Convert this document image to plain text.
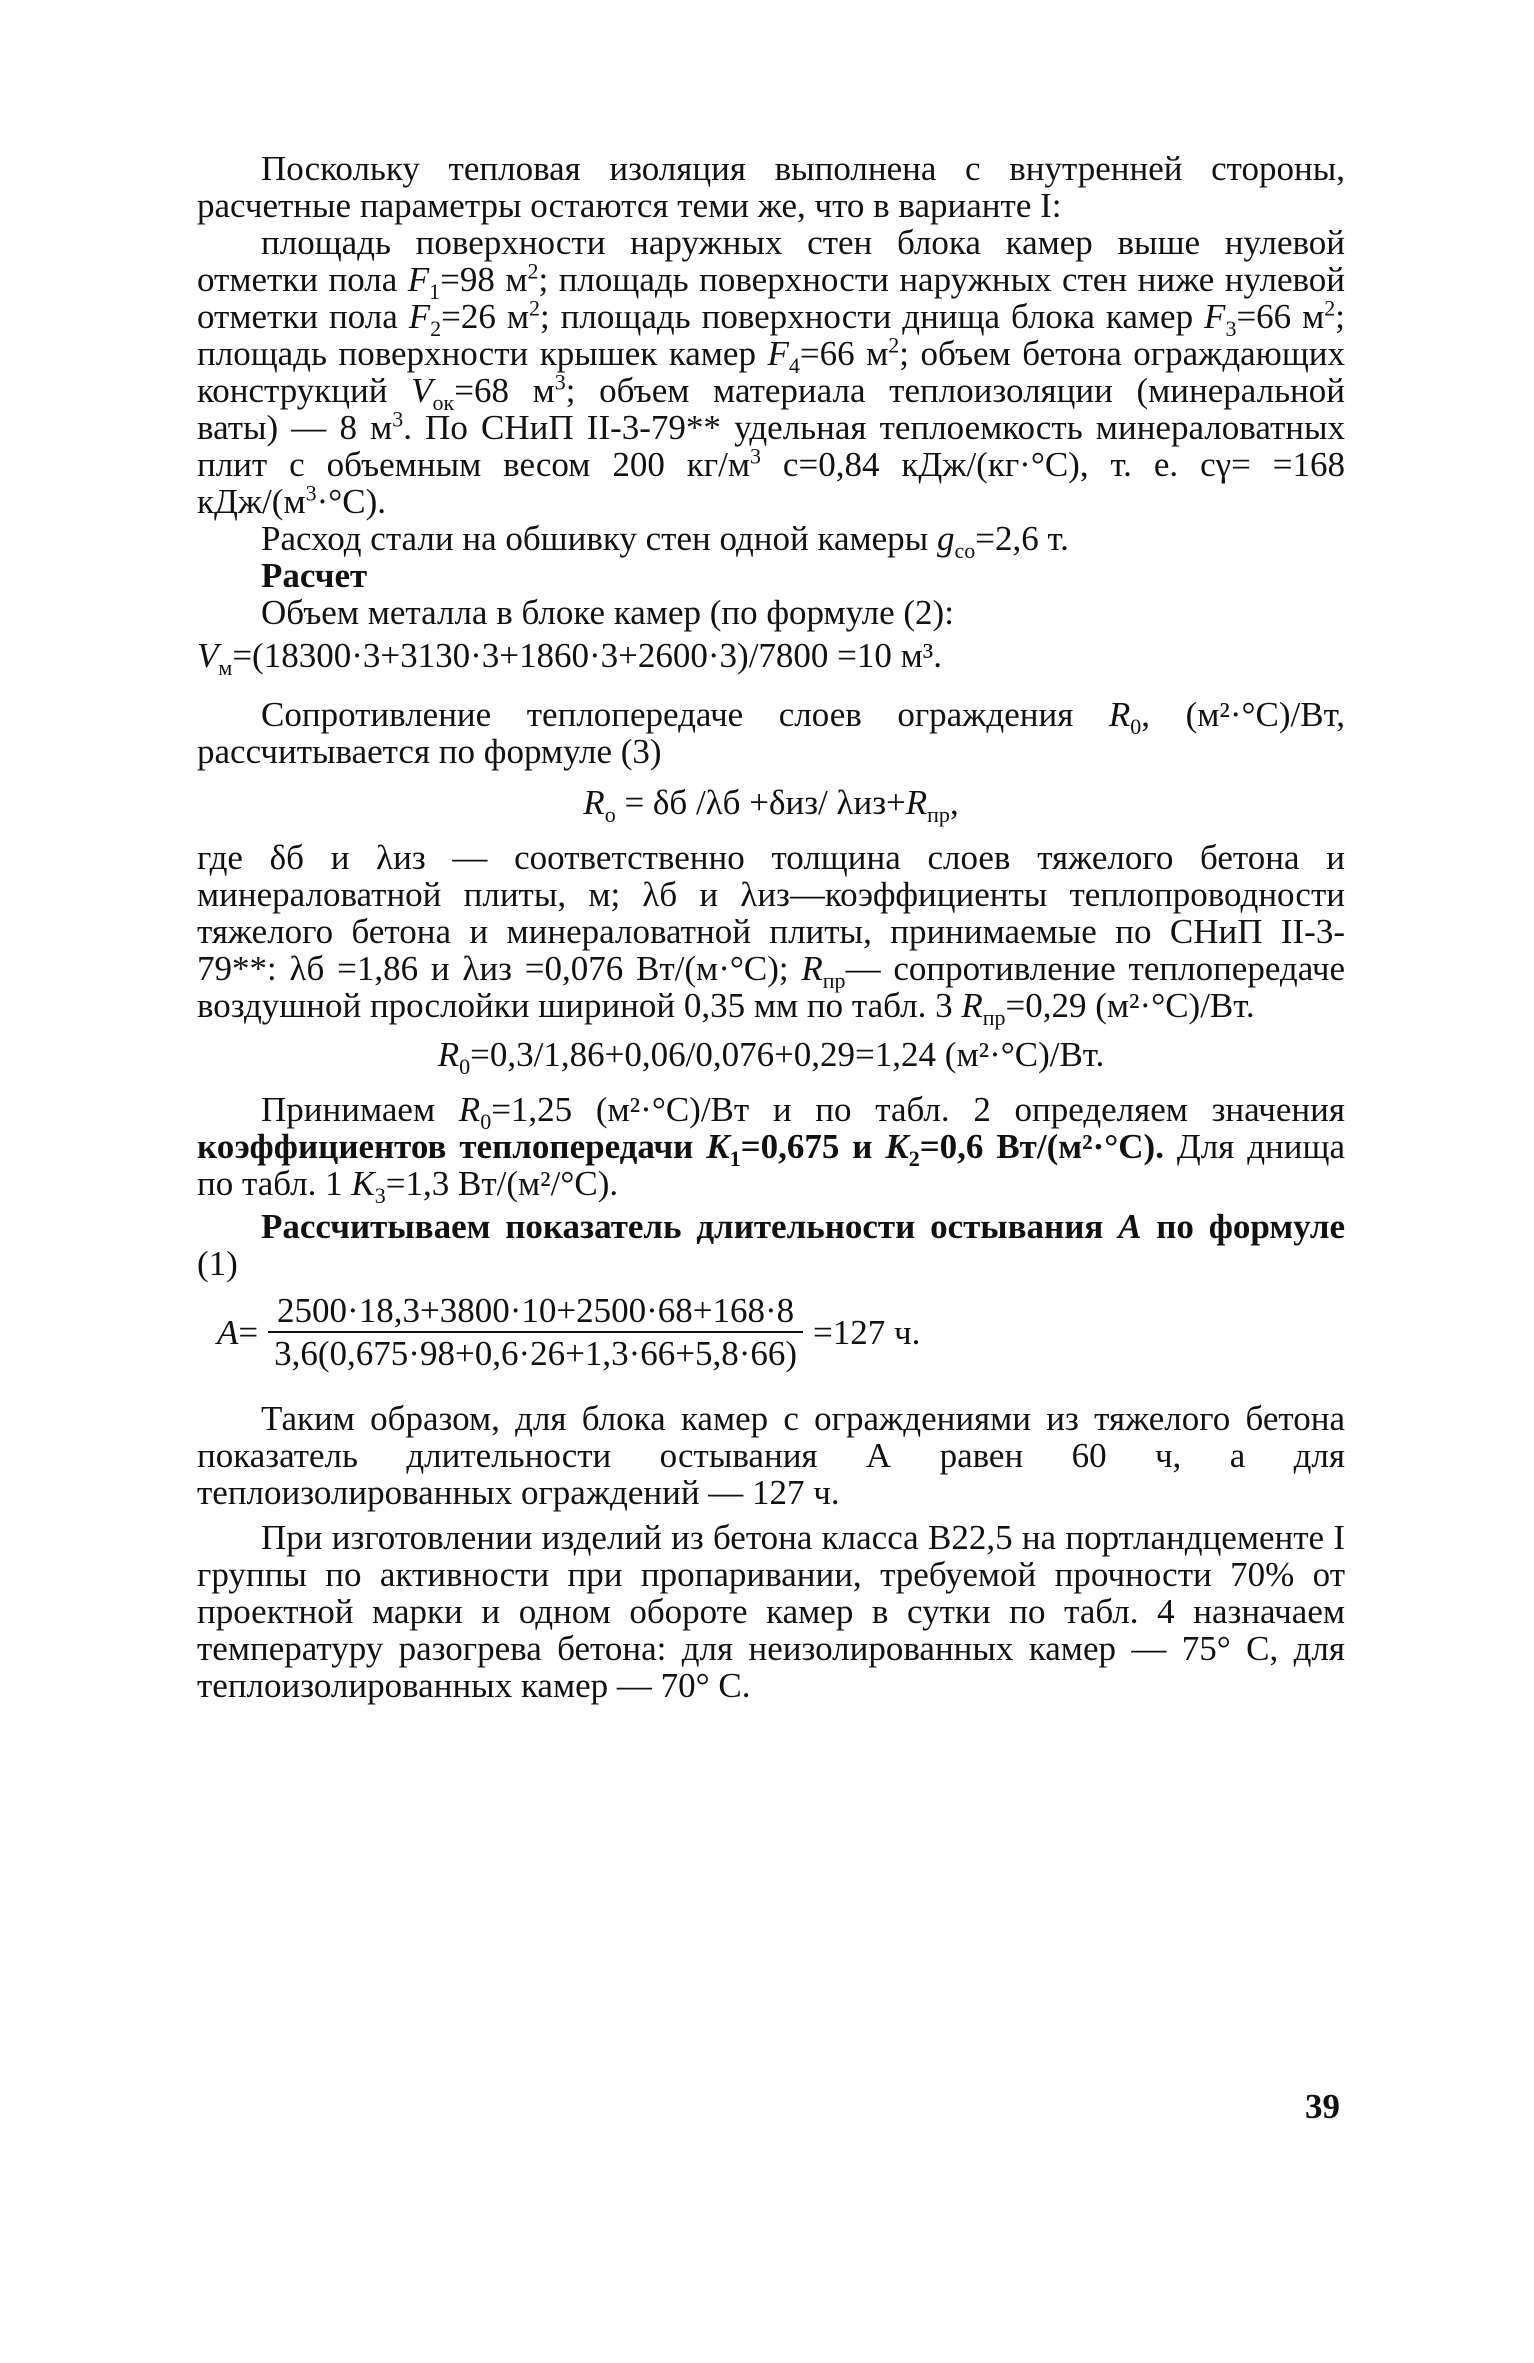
Поскольку тепловая изоляция выполнена с внутренней стороны, расчетные параметры остаются теми же, что в варианте I:

площадь поверхности наружных стен блока камер выше нулевой отметки пола $F_1=98$ $м^2$; площадь поверхности наружных стен ниже нулевой отметки пола $F_2=26$ $м^2$; площадь поверхности днища блока камер $F_3=66$ $м^2$; площадь поверхности крышек камер $F_4=66$ $м^2$; объем бетона ограждающих конструкций $V_{ок}=68$ $м^3$; объем материала теплоизоляции (минеральной ваты) — 8 $м^3$. По СНиП II-3-79** удельная теплоемкость минераловатных плит с объемным весом 200 $кг/м^3$ с=0,84 кДж/(кг·°С), т. е. сγ= =168 кДж/$(м^3\cdot^\circ С)$.

Расход стали на обшивку стен одной камеры $g_{со}=2,6$ т.

Расчет

Объем металла в блоке камер (по формуле (2):

$V_м=(18300\cdot 3+3130\cdot 3+1860\cdot 3+2600\cdot 3)/7800 =10$ м³.

Сопротивление теплопередаче слоев ограждения $R_0$, (м²·°С)/Вт, рассчитывается по формуле (3)

$R_о = \delta б$ /λб +δиз/ $\lambda из+R_{пр}$,

где δб и λиз — соответственно толщина слоев тяжелого бетона и минераловатной плиты, м; λб и λиз—коэффициенты теплопроводности тяжелого бетона и минераловатной плиты, принимаемые по СНиП II-3-79**: λб =1,86 и λиз =0,076 Вт/(м·°С); $R_{пр}—$ сопротивление теплопередаче воздушной прослойки шириной 0,35 мм по табл. 3 $R_{пр}=0,29$ (м²·°С)/Вт.

$R_0=0,3/1,86+0,06/0,076+0,29=1,24$ (м²·°С)/Вт.

Принимаем $R_0=1,25$ (м²·°С)/Вт и по табл. 2 определяем значения коэффициентов теплопередачи $K_1=0,675$ и $K_2=0,6$ Вт/(м²·°С). Для днища по табл. 1 $K_3=1,3$ Вт/(м²/°С).

Рассчитываем показатель длительности остывания А по формуле (1)

$A= \frac{2500\cdot 18,3+3800\cdot 10+2500\cdot 68+168\cdot 8}{3,6(0,675\cdot 98+0,6\cdot 26+1,3\cdot 66+5,8\cdot 66)} =127$ ч.

Таким образом, для блока камер с ограждениями из тяжелого бетона показатель длительности остывания А равен 60 ч, а для теплоизолированных ограждений — 127 ч.

При изготовлении изделий из бетона класса В22,5 на портландцементе I группы по активности при пропаривании, требуемой прочности 70% от проектной марки и одном обороте камер в сутки по табл. 4 назначаем температуру разогрева бетона: для неизолированных камер — 75° С, для теплоизолированных камер — 70° С.

39
